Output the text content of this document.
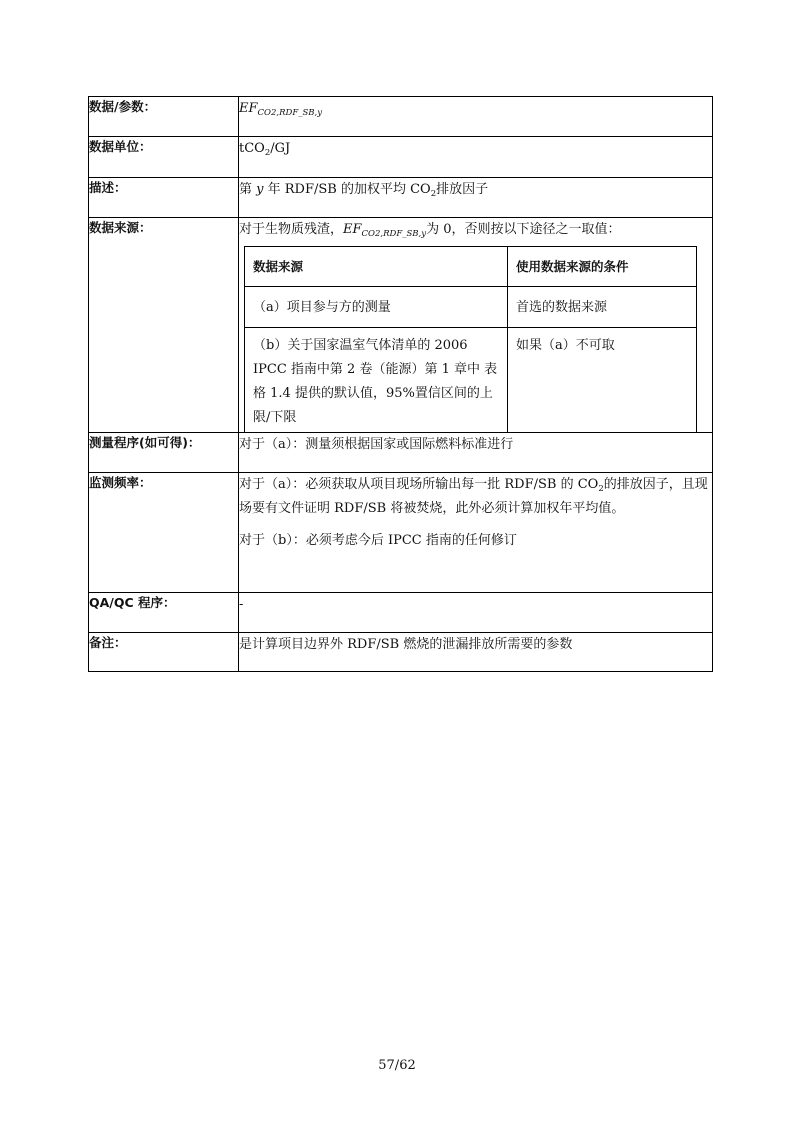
数据/参数：	$EF_{CO2,RDF\_SB,y}$
数据单位：	tCO$_2$/GJ
描述：	第 y 年 RDF/SB 的加权平均 $CO_2$排放因子
数据来源：	对于生物质残渣，$EF_{CO2,RDF\_SB,y}$为 0，否则按以下途径之一取值：
数据来源	使用数据来源的条件
（a）项目参与方的测量	首选的数据来源
（b）关于国家温室气体清单的 2006 IPCC 指南中第 2 卷（能源）第 1 章中 表格 1.4 提供的默认值，95%置信区间的上限/下限	如果（a）不可取

测量程序(如可得)：	对于（a）：测量须根据国家或国际燃料标准进行
监测频率：	对于（a）：必须获取从项目现场所输出每一批 RDF/SB 的 $CO_2$的排放因子，且现场要有文件证明 RDF/SB 将被焚烧，此外必须计算加权年平均值。

对于（b）：必须考虑今后 IPCC 指南的任何修订

QA/QC 程序：	-
备注：	是计算项目边界外 RDF/SB 燃烧的泄漏排放所需要的参数
57/62
